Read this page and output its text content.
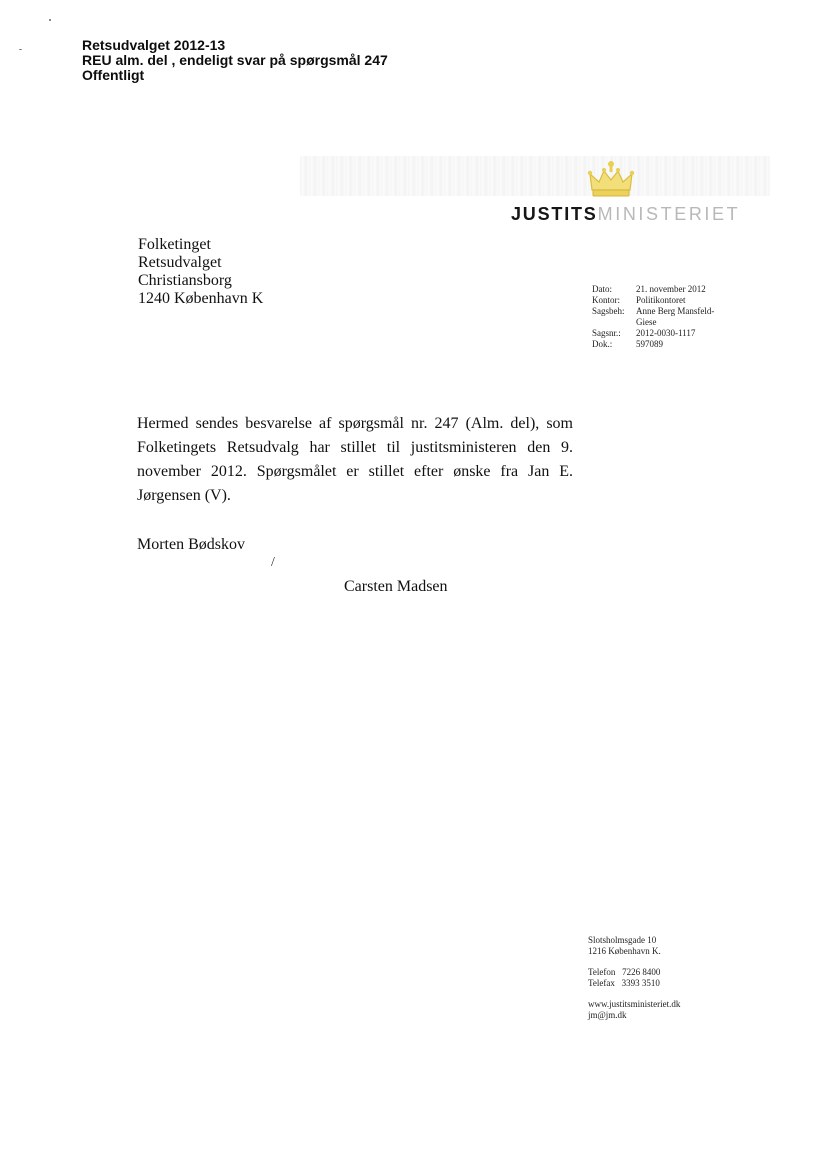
Retsudvalget 2012-13
REU alm. del , endeligt svar på spørgsmål 247
Offentligt
JUSTITSMINISTERIET
Folketinget
Retsudvalget
Christiansborg
1240 København K
Dato:	21. november 2012
Kontor:	Politikontoret
Sagsbeh:	Anne Berg Mansfeld-
	Giese
Sagsnr.:	2012-0030-1117
Dok.:	597089
Hermed sendes besvarelse af spørgsmål nr. 247 (Alm. del), som Folketingets Retsudvalg har stillet til justitsministeren den 9. november 2012. Spørgsmålet er stillet efter ønske fra Jan E. Jørgensen (V).
Morten Bødskov
/
Carsten Madsen
Slotsholmsgade 10
1216 København K.
Telefon   7226 8400
Telefax   3393 3510
www.justitsministeriet.dk
jm@jm.dk
